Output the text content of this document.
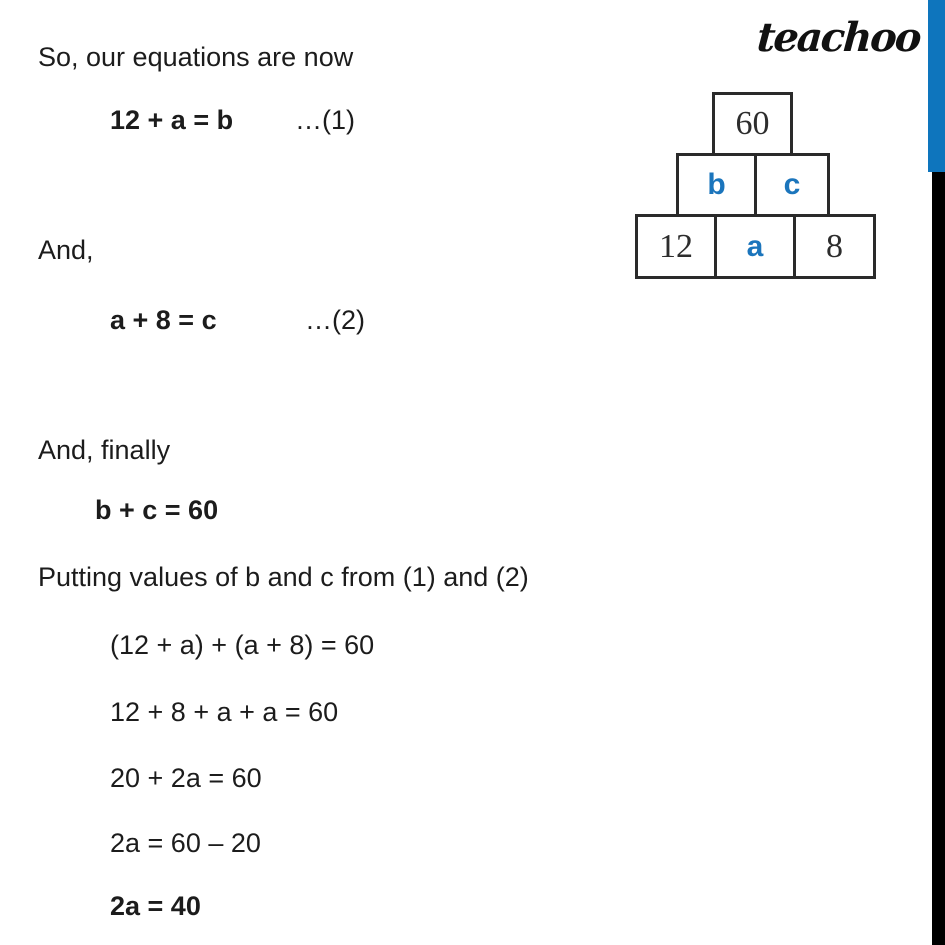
teachoo
So, our equations are now
12 + a = b …(1)
And,
a + 8 = c	…(2)
And, finally
b + c = 60
Putting values of b and c from (1) and (2)
(12 + a) + (a + 8) = 60
12 + 8 + a + a = 60
20 + 2a = 60
2a = 60 – 20
2a = 40
60
b c
12 a 8
